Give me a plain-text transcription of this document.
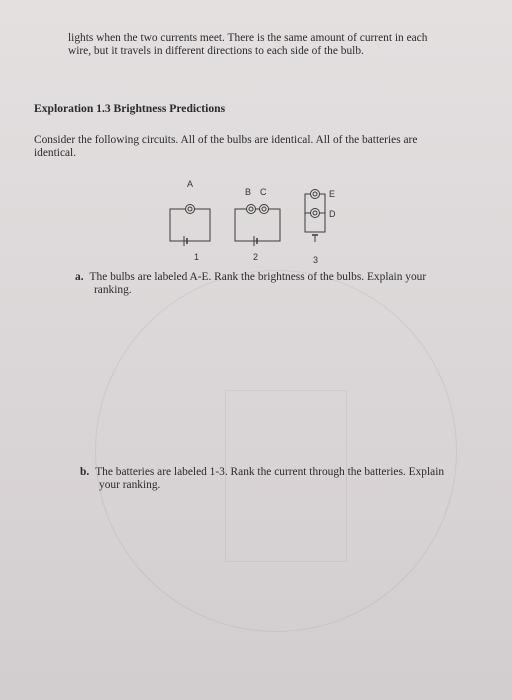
lights when the two currents meet. There is the same amount of current in each
wire, but it travels in different directions to each side of the bulb.
Exploration 1.3 Brightness Predictions
Consider the following circuits. All of the bulbs are identical. All of the batteries are
identical.
A
B C
D
E
1	2	3
a. The bulbs are labeled A-E. Rank the brightness of the bulbs. Explain your
ranking.
b. The batteries are labeled 1-3. Rank the current through the batteries. Explain
your ranking.
